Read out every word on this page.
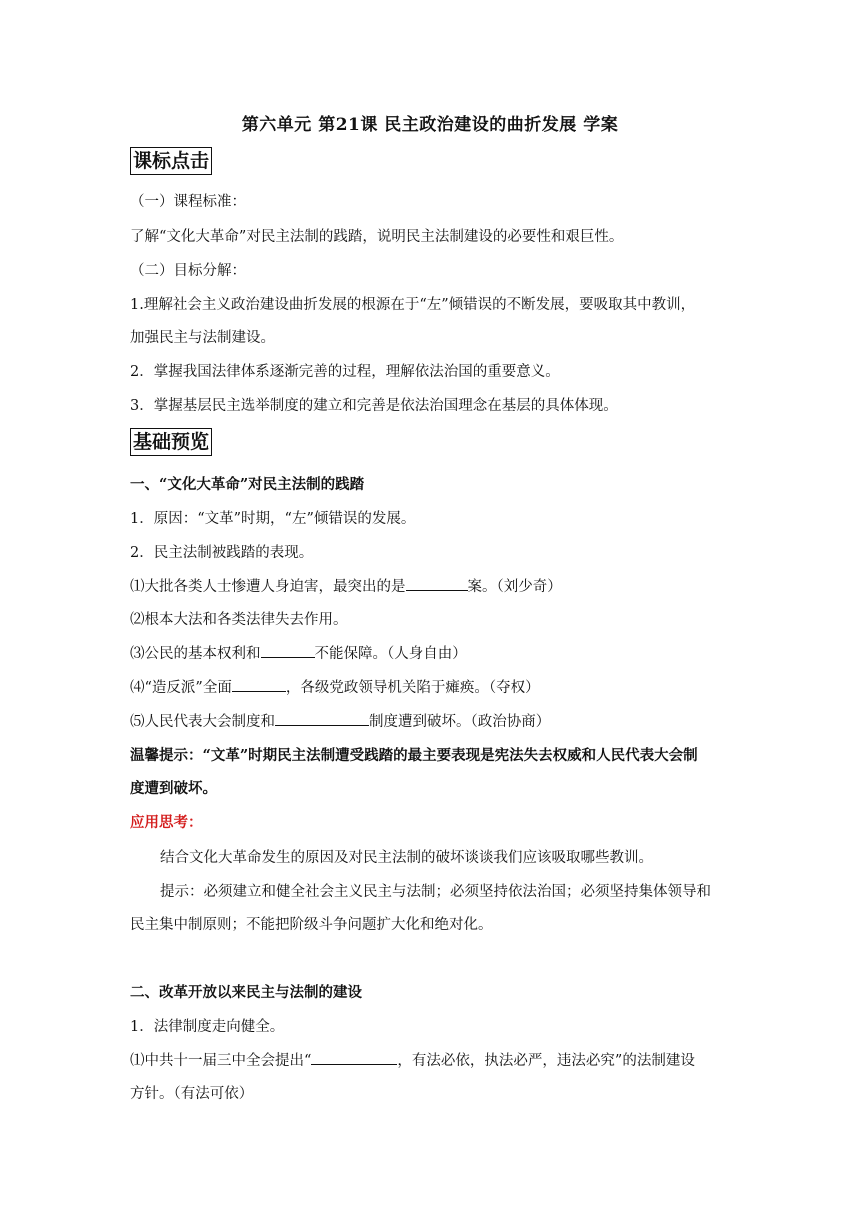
第六单元 第21课 民主政治建设的曲折发展 学案
课标点击
（一）课程标准：
了解“文化大革命”对民主法制的践踏，说明民主法制建设的必要性和艰巨性。
（二）目标分解：
1.理解社会主义政治建设曲折发展的根源在于“左”倾错误的不断发展，要吸取其中教训，
加强民主与法制建设。
2．掌握我国法律体系逐渐完善的过程，理解依法治国的重要意义。
3．掌握基层民主选举制度的建立和完善是依法治国理念在基层的具体体现。
基础预览
一、“文化大革命”对民主法制的践踏
1．原因：“文革”时期，“左”倾错误的发展。
2．民主法制被践踏的表现。
⑴大批各类人士惨遭人身迫害，最突出的是	案。（刘少奇）
⑵根本大法和各类法律失去作用。
⑶公民的基本权利和	不能保障。（人身自由）
⑷“造反派”全面	，各级党政领导机关陷于瘫痪。（夺权）
⑸人民代表大会制度和	制度遭到破坏。（政治协商）
温馨提示：“文革”时期民主法制遭受践踏的最主要表现是宪法失去权威和人民代表大会制
度遭到破坏。
应用思考：
结合文化大革命发生的原因及对民主法制的破坏谈谈我们应该吸取哪些教训。
提示：必须建立和健全社会主义民主与法制；必须坚持依法治国；必须坚持集体领导和
民主集中制原则；不能把阶级斗争问题扩大化和绝对化。
二、改革开放以来民主与法制的建设
1．法律制度走向健全。
⑴中共十一届三中全会提出“	，有法必依，执法必严，违法必究”的法制建设
方针。（有法可依）
